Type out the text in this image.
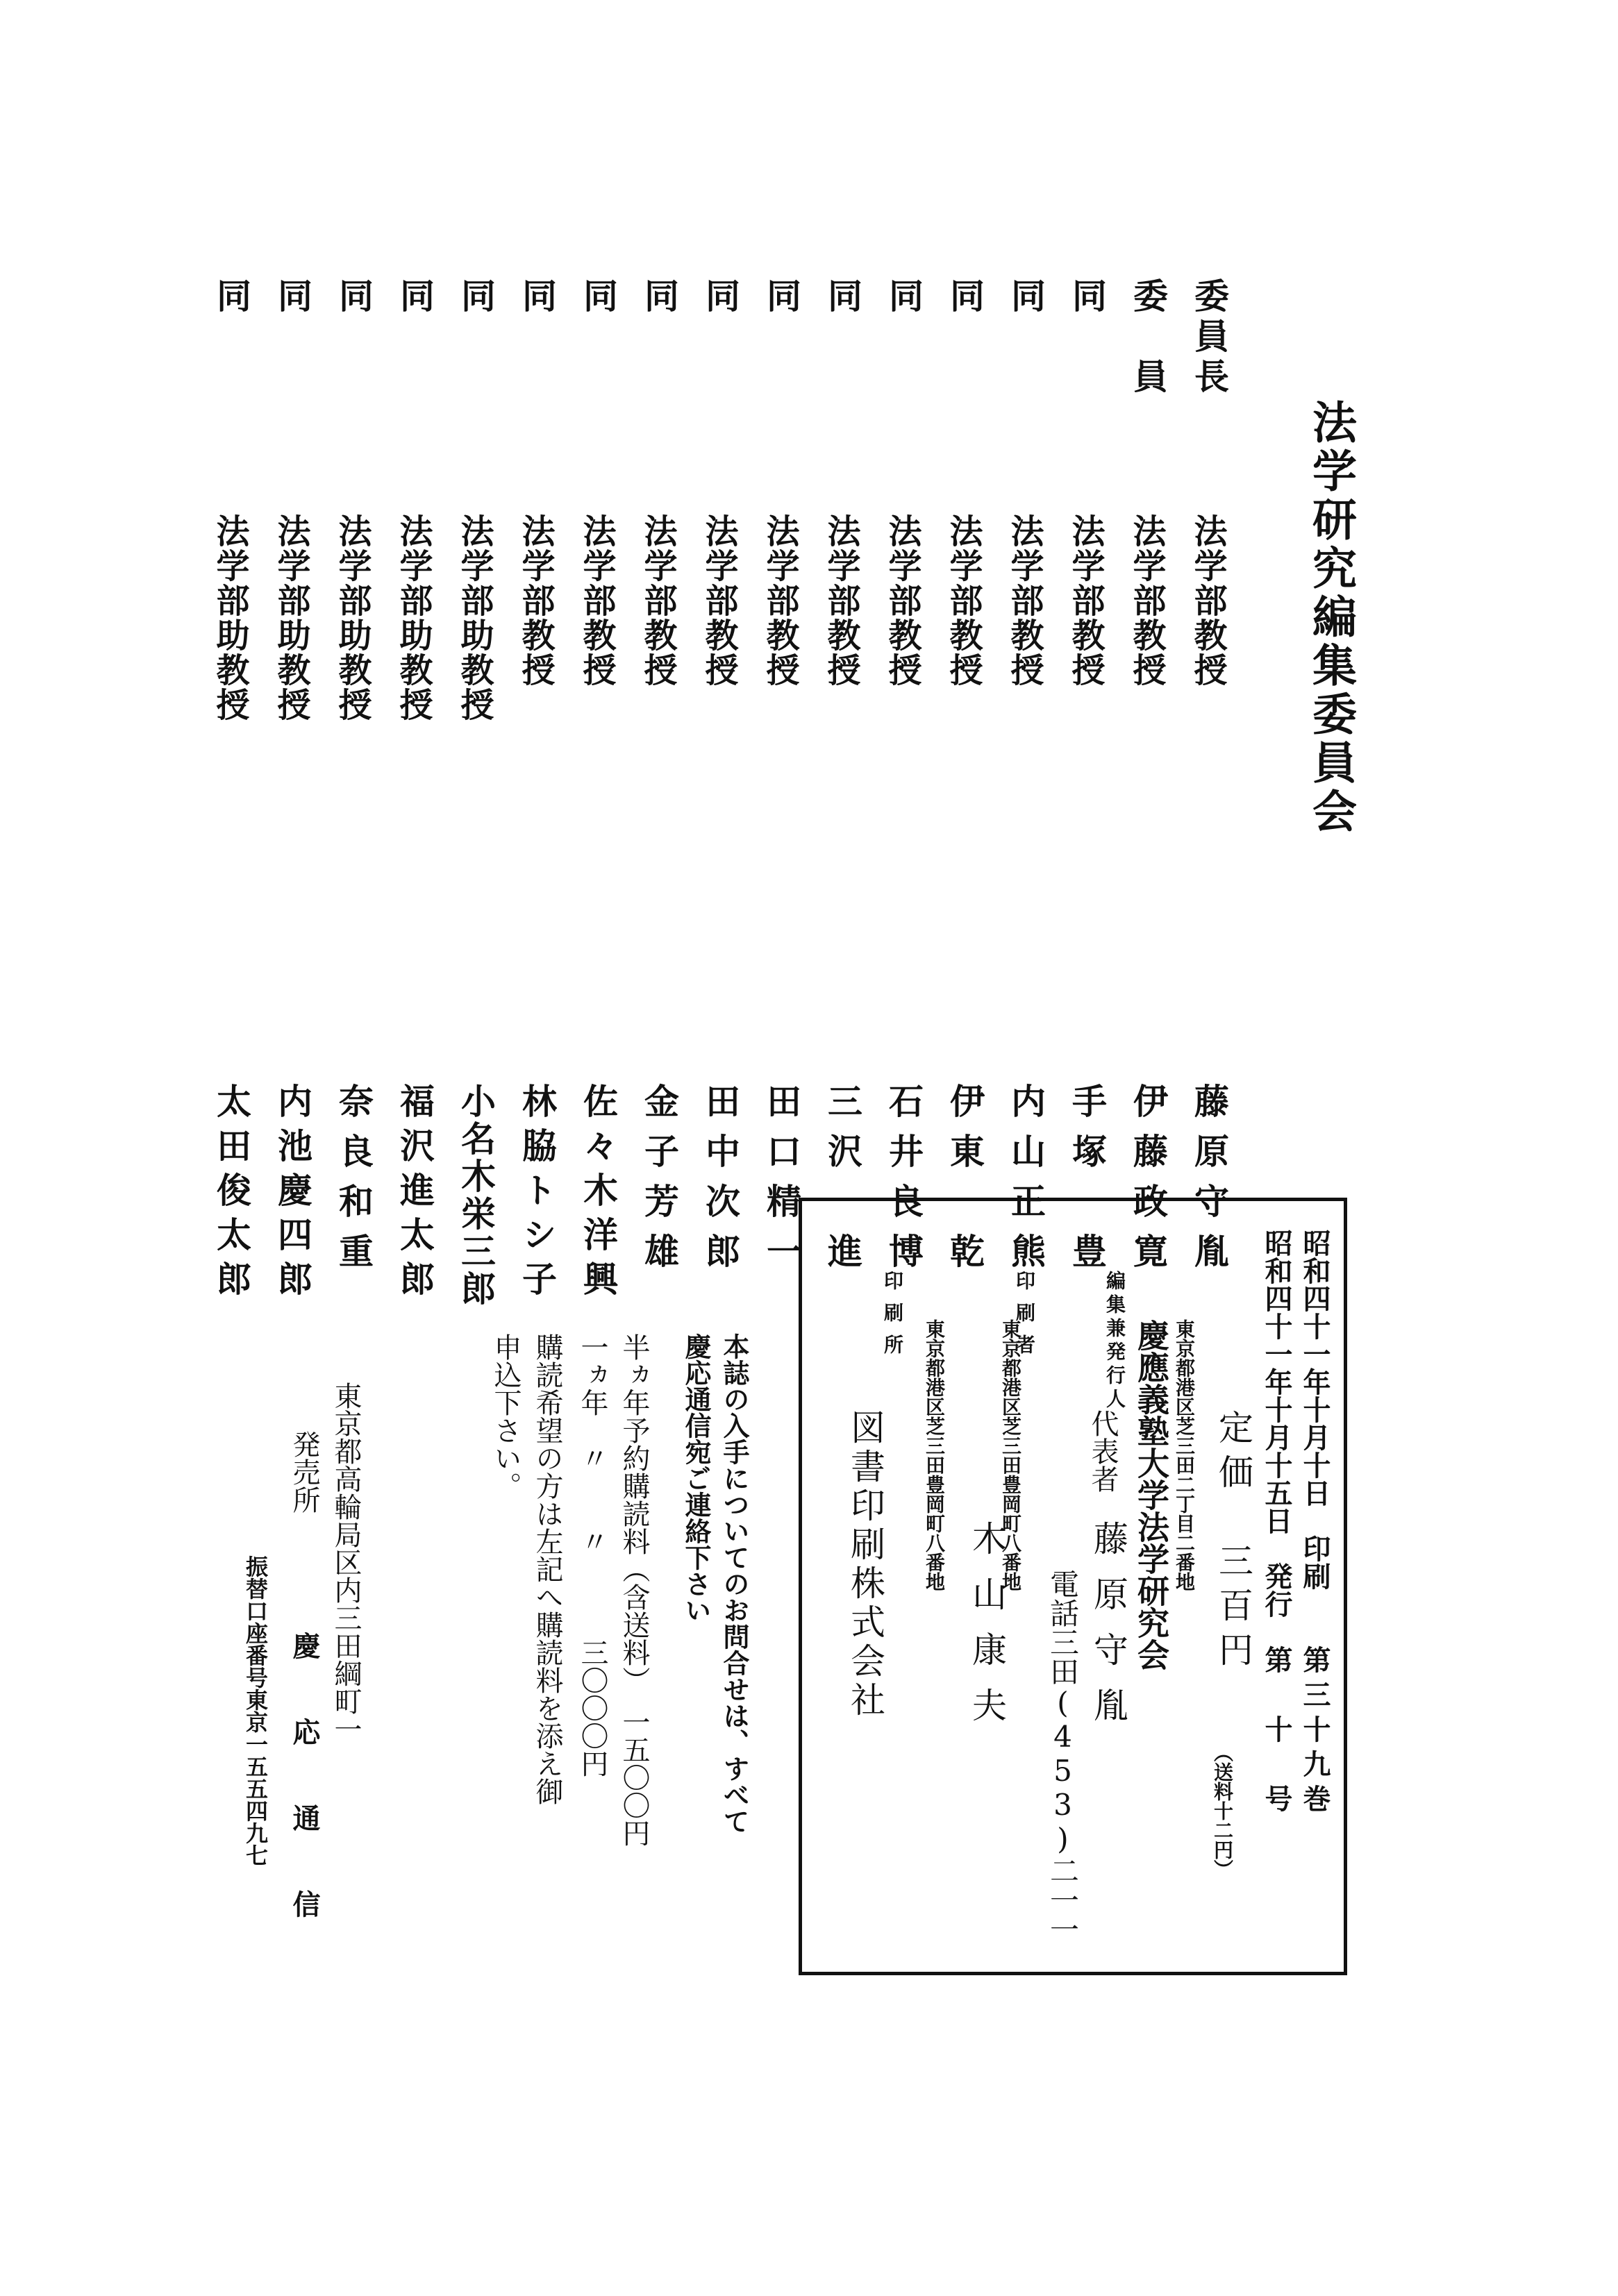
法学研究編集委員会
委員長
法学部教授
藤原守胤
委　員
法学部教授
伊藤政寛
同
法学部教授
手塚　豊
同
法学部教授
内山正熊
同
法学部教授
伊東　乾
同
法学部教授
石井良博
同
法学部教授
三沢　進
同
法学部教授
田口精一
同
法学部教授
田中次郎
同
法学部教授
金子芳雄
同
法学部教授
佐々木洋興
同
法学部教授
林脇トシ子
同
法学部助教授
小名木栄三郎
同
法学部助教授
福沢進太郎
同
法学部助教授
奈良和重
同
法学部助教授
内池慶四郎
同
法学部助教授
太田俊太郎
昭和四十一年十月十日　印刷
昭和四十一年十月十五日　発行
第三十九巻
第　十　号
定価　三百円
（送料十二円）
東京都港区芝三田二丁目二番地
慶應義塾大学法学研究会
編集兼発行人
代表者
藤原守胤
電話三田(453)二一一
東京都港区芝三田豊岡町八番地
印刷者
木山康夫
東京都港区芝三田豊岡町八番地
印刷所
図書印刷株式会社
本誌の入手についてのお問合せは、すべて
慶応通信宛ご連絡下さい
半ヵ年予約購読料（含送料）　一五〇〇円
一ヵ年　〃　　〃　　　三〇〇〇円
購読希望の方は左記へ購読料を添え御
申込下さい。
東京都高輪局区内三田綱町一
発売所
慶　応　通　信
振替口座番号東京一五五四九七
